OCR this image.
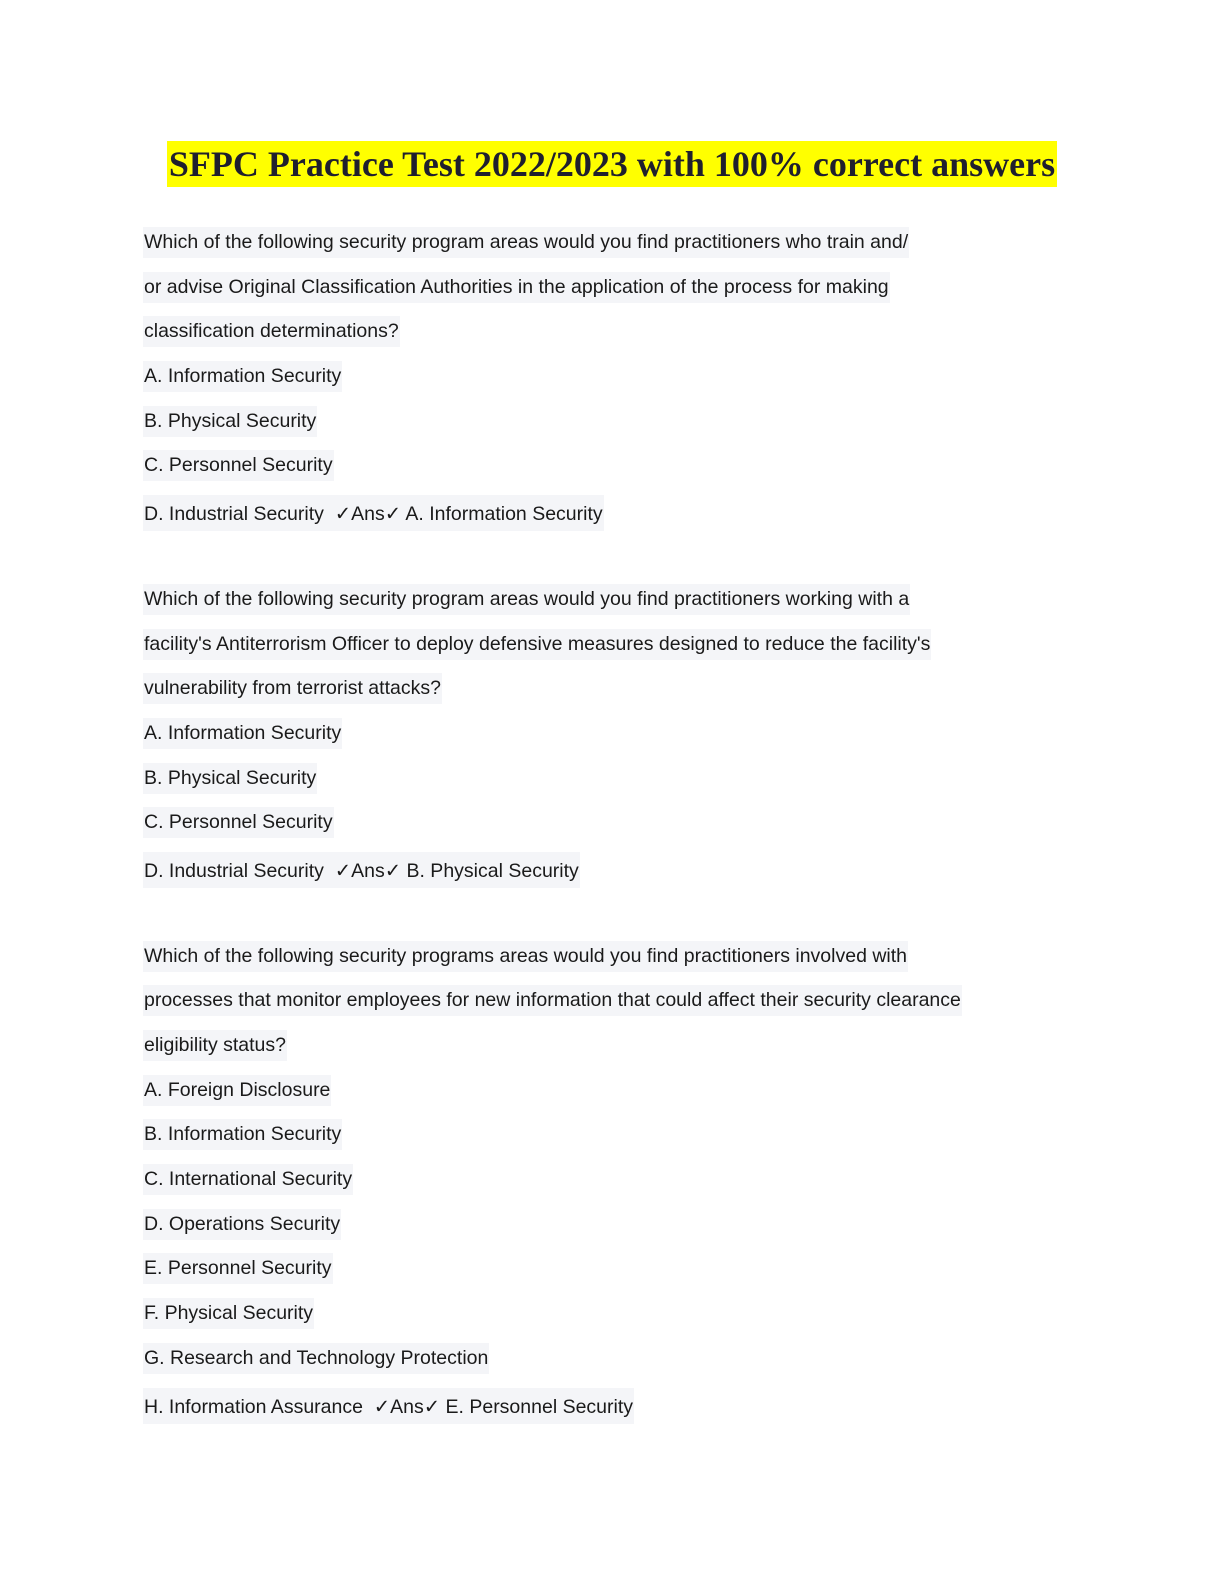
SFPC Practice Test 2022/2023 with 100% correct answers
Which of the following security program areas would you find practitioners who train and/
or advise Original Classification Authorities in the application of the process for making
classification determinations?
A. Information Security
B. Physical Security
C. Personnel Security
D. Industrial Security ✓Ans✓ A. Information Security
Which of the following security program areas would you find practitioners working with a
facility's Antiterrorism Officer to deploy defensive measures designed to reduce the facility's
vulnerability from terrorist attacks?
A. Information Security
B. Physical Security
C. Personnel Security
D. Industrial Security ✓Ans✓ B. Physical Security
Which of the following security programs areas would you find practitioners involved with
processes that monitor employees for new information that could affect their security clearance
eligibility status?
A. Foreign Disclosure
B. Information Security
C. International Security
D. Operations Security
E. Personnel Security
F. Physical Security
G. Research and Technology Protection
H. Information Assurance ✓Ans✓ E. Personnel Security
